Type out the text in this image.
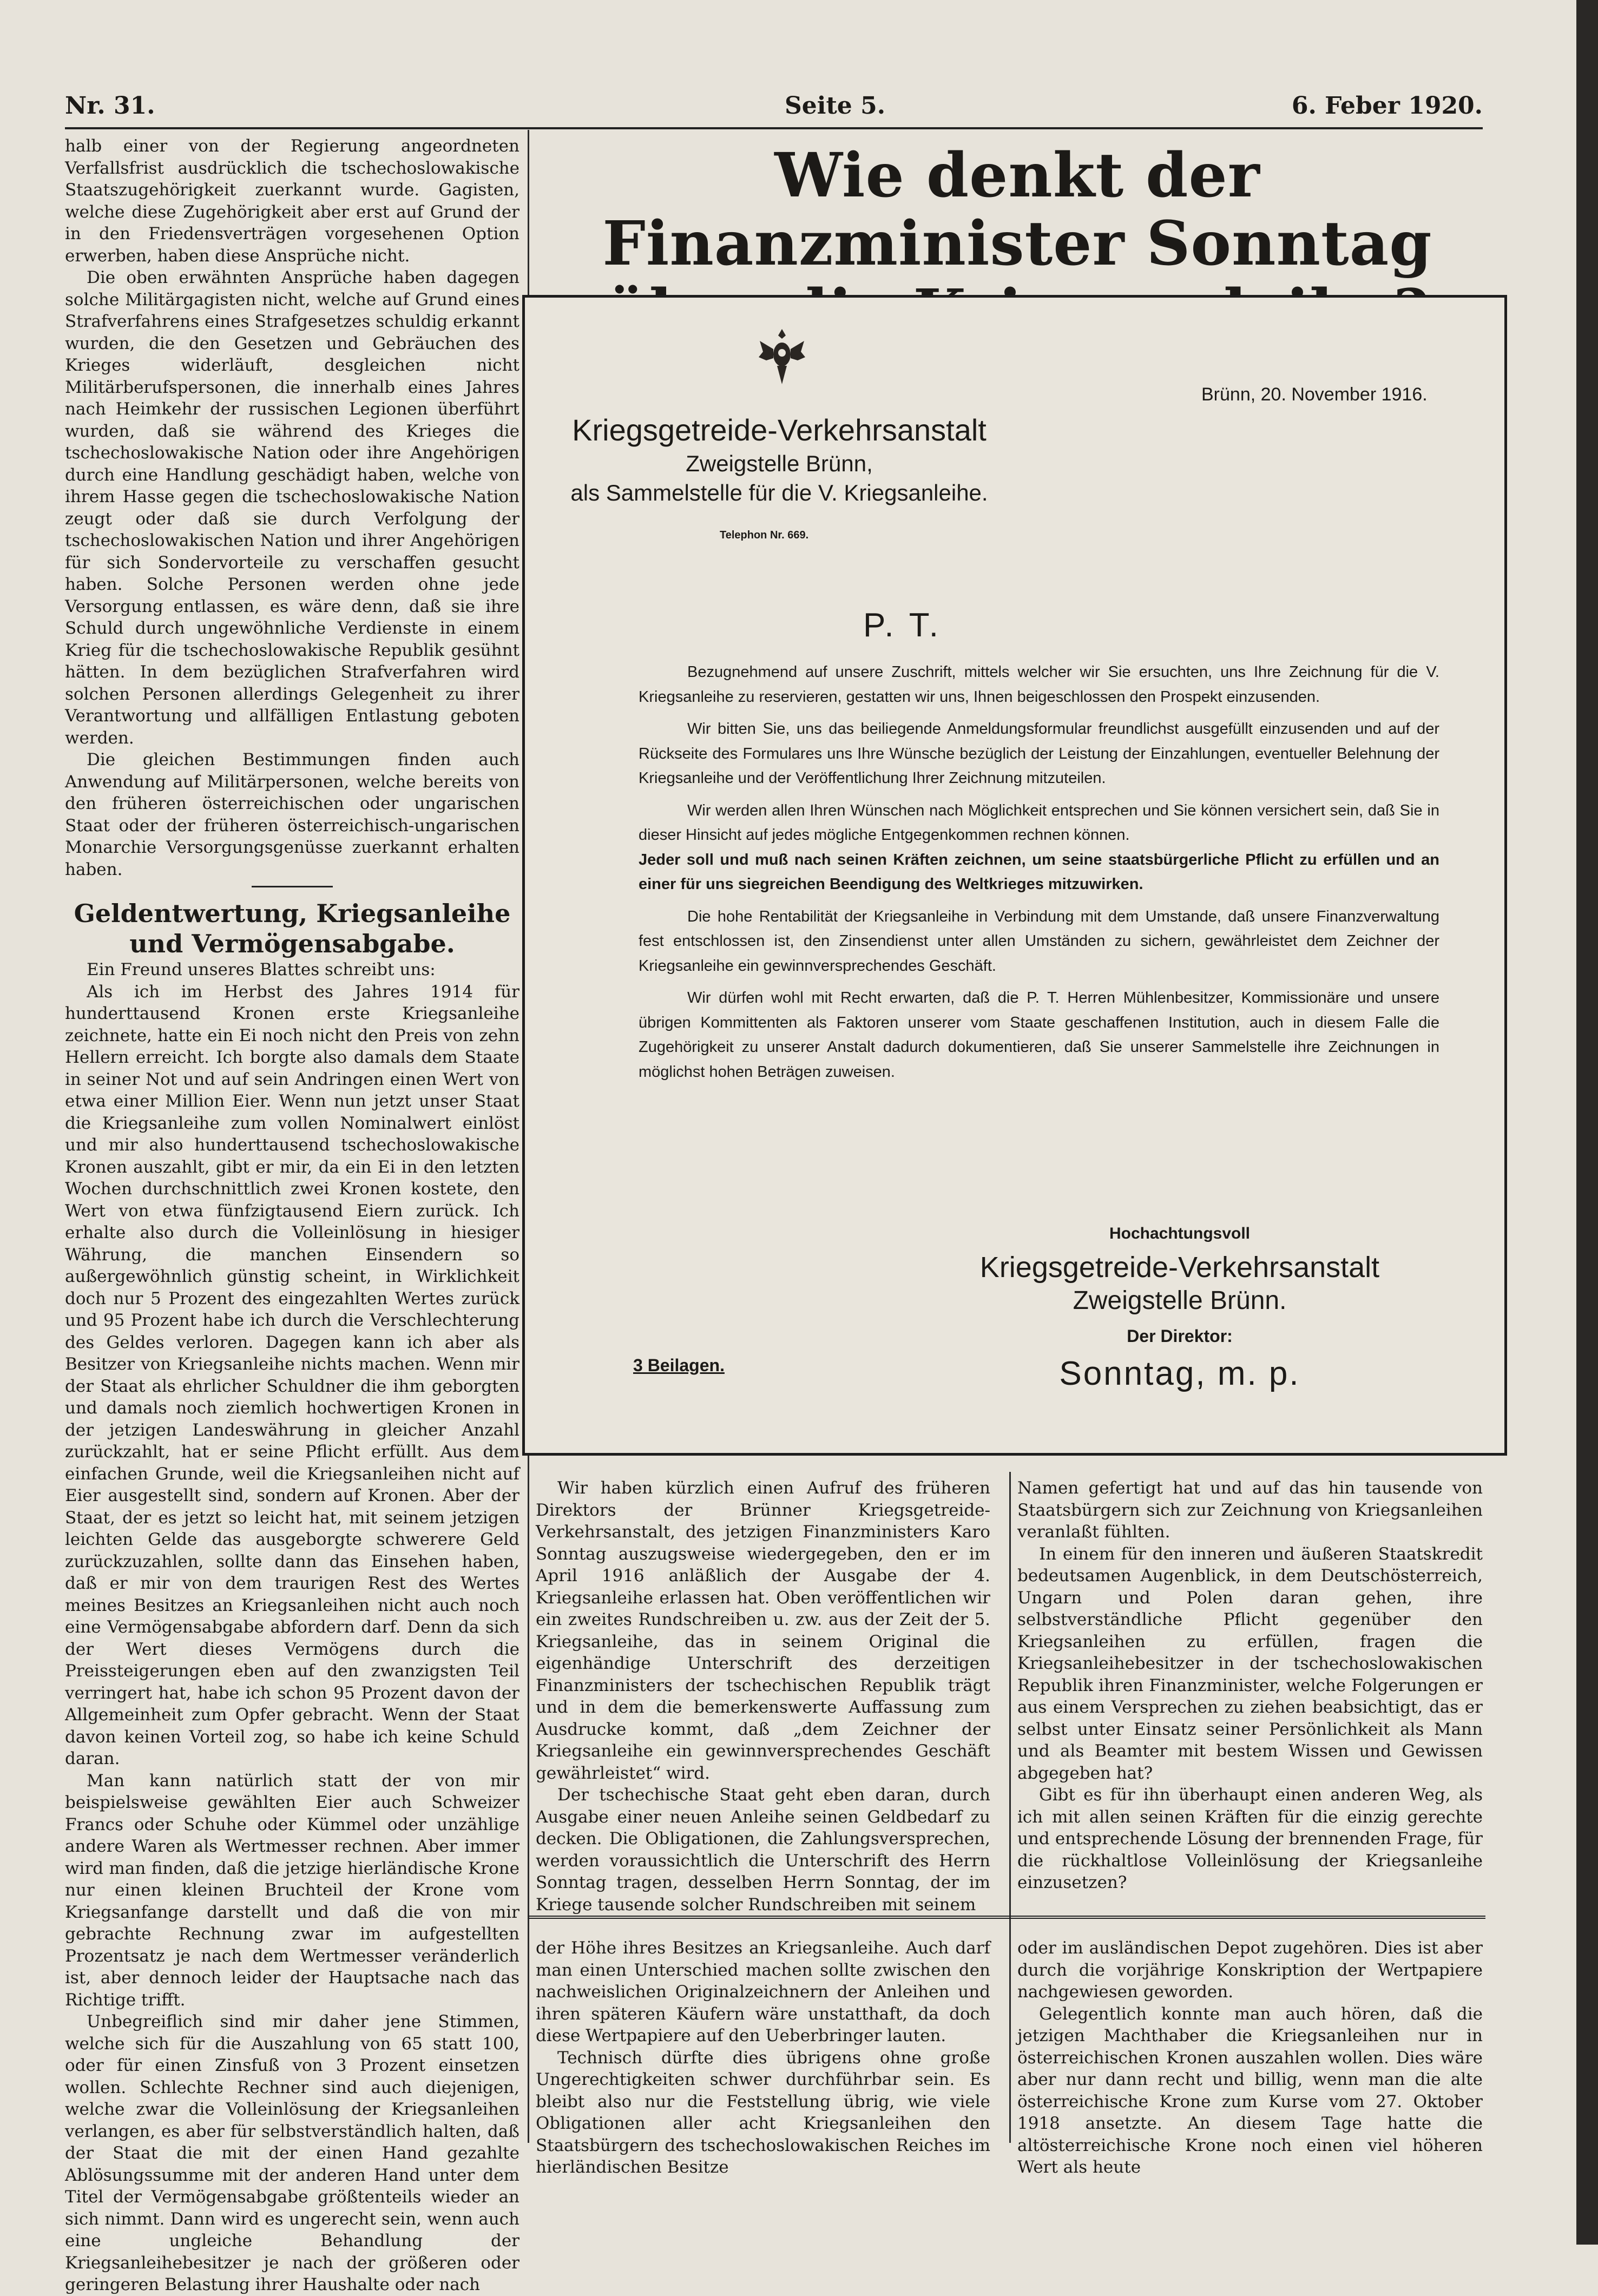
Nr. 31.	Seite 5.	6. Feber 1920.

halb einer von der Regierung angeordneten Verfallsfrist ausdrücklich die tschechoslowakische Staatszugehörigkeit zuerkannt wurde. Gagisten, welche diese Zugehörigkeit aber erst auf Grund der in den Friedensverträgen vorgesehenen Option erwerben, haben diese Ansprüche nicht.

Die oben erwähnten Ansprüche haben dagegen solche Militärgagisten nicht, welche auf Grund eines Strafverfahrens eines Strafgesetzes schuldig erkannt wurden, die den Gesetzen und Gebräuchen des Krieges widerläuft, desgleichen nicht Militärberufspersonen, die innerhalb eines Jahres nach Heimkehr der russischen Legionen überführt wurden, daß sie während des Krieges die tschechoslowakische Nation oder ihre Angehörigen durch eine Handlung geschädigt haben, welche von ihrem Hasse gegen die tschechoslowakische Nation zeugt oder daß sie durch Verfolgung der tschechoslowakischen Nation und ihrer Angehörigen für sich Sondervorteile zu verschaffen gesucht haben. Solche Personen werden ohne jede Versorgung entlassen, es wäre denn, daß sie ihre Schuld durch ungewöhnliche Verdienste in einem Krieg für die tschechoslowakische Republik gesühnt hätten. In dem bezüglichen Strafverfahren wird solchen Personen allerdings Gelegenheit zu ihrer Verantwortung und allfälligen Entlastung geboten werden.

Die gleichen Bestimmungen finden auch Anwendung auf Militärpersonen, welche bereits von den früheren österreichischen oder ungarischen Staat oder der früheren österreichisch-ungarischen Monarchie Versorgungsgenüsse zuerkannt erhalten haben.

Geldentwertung, Kriegsanleihe und Vermögensabgabe.

Ein Freund unseres Blattes schreibt uns:

Als ich im Herbst des Jahres 1914 für hunderttausend Kronen erste Kriegsanleihe zeichnete, hatte ein Ei noch nicht den Preis von zehn Hellern erreicht. Ich borgte also damals dem Staate in seiner Not und auf sein Andringen einen Wert von etwa einer Million Eier. Wenn nun jetzt unser Staat die Kriegsanleihe zum vollen Nominalwert einlöst und mir also hunderttausend tschechoslowakische Kronen auszahlt, gibt er mir, da ein Ei in den letzten Wochen durchschnittlich zwei Kronen kostete, den Wert von etwa fünfzigtausend Eiern zurück. Ich erhalte also durch die Volleinlösung in hiesiger Währung, die manchen Einsendern so außergewöhnlich günstig scheint, in Wirklichkeit doch nur 5 Prozent des eingezahlten Wertes zurück und 95 Prozent habe ich durch die Verschlechterung des Geldes verloren. Dagegen kann ich aber als Besitzer von Kriegsanleihe nichts machen. Wenn mir der Staat als ehrlicher Schuldner die ihm geborgten und damals noch ziemlich hochwertigen Kronen in der jetzigen Landeswährung in gleicher Anzahl zurückzahlt, hat er seine Pflicht erfüllt. Aus dem einfachen Grunde, weil die Kriegsanleihen nicht auf Eier ausgestellt sind, sondern auf Kronen. Aber der Staat, der es jetzt so leicht hat, mit seinem jetzigen leichten Gelde das ausgeborgte schwerere Geld zurückzuzahlen, sollte dann das Einsehen haben, daß er mir von dem traurigen Rest des Wertes meines Besitzes an Kriegsanleihen nicht auch noch eine Vermögensabgabe abfordern darf. Denn da sich der Wert dieses Vermögens durch die Preissteigerungen eben auf den zwanzigsten Teil verringert hat, habe ich schon 95 Prozent davon der Allgemeinheit zum Opfer gebracht. Wenn der Staat davon keinen Vorteil zog, so habe ich keine Schuld daran.

Man kann natürlich statt der von mir beispielsweise gewählten Eier auch Schweizer Francs oder Schuhe oder Kümmel oder unzählige andere Waren als Wertmesser rechnen. Aber immer wird man finden, daß die jetzige hierländische Krone nur einen kleinen Bruchteil der Krone vom Kriegsanfange darstellt und daß die von mir gebrachte Rechnung zwar im aufgestellten Prozentsatz je nach dem Wertmesser veränderlich ist, aber dennoch leider der Hauptsache nach das Richtige trifft.

Unbegreiflich sind mir daher jene Stimmen, welche sich für die Auszahlung von 65 statt 100, oder für einen Zinsfuß von 3 Prozent einsetzen wollen. Schlechte Rechner sind auch diejenigen, welche zwar die Volleinlösung der Kriegsanleihen verlangen, es aber für selbstverständlich halten, daß der Staat die mit der einen Hand gezahlte Ablösungssumme mit der anderen Hand unter dem Titel der Vermögensabgabe größtenteils wieder an sich nimmt. Dann wird es ungerecht sein, wenn auch eine ungleiche Behandlung der Kriegsanleihebesitzer je nach der größeren oder geringeren Belastung ihrer Haushalte oder nach

Wie denkt der Finanzminister Sonntag
Brünn, 20. November 1916.
Kriegsgetreide-Verkehrsanstalt
Zweigstelle Brünn,
als Sammelstelle für die V. Kriegsanleihe.
Telephon Nr. 669.
P. T.

Bezugnehmend auf unsere Zuschrift, mittels welcher wir Sie ersuchten, uns Ihre Zeichnung für die V. Kriegsanleihe zu reservieren, gestatten wir uns, Ihnen beigeschlossen den Prospekt einzusenden.

Wir bitten Sie, uns das beiliegende Anmeldungsformular freundlichst ausgefüllt einzusenden und auf der Rückseite des Formulares uns Ihre Wünsche bezüglich der Leistung der Einzahlungen, eventueller Belehnung der Kriegsanleihe und der Veröffentlichung Ihrer Zeichnung mitzuteilen.

Wir werden allen Ihren Wünschen nach Möglichkeit entsprechen und Sie können versichert sein, daß Sie in dieser Hinsicht auf jedes mögliche Entgegenkommen rechnen können.

Jeder soll und muß nach seinen Kräften zeichnen, um seine staatsbürgerliche Pflicht zu erfüllen und an einer für uns siegreichen Beendigung des Weltkrieges mitzuwirken.

Die hohe Rentabilität der Kriegsanleihe in Verbindung mit dem Umstande, daß unsere Finanzverwaltung fest entschlossen ist, den Zinsendienst unter allen Umständen zu sichern, gewährleistet dem Zeichner der Kriegsanleihe ein gewinnversprechendes Geschäft.

Wir dürfen wohl mit Recht erwarten, daß die P. T. Herren Mühlenbesitzer, Kommissionäre und unsere übrigen Kommittenten als Faktoren unserer vom Staate geschaffenen Institution, auch in diesem Falle die Zugehörigkeit zu unserer Anstalt dadurch dokumentieren, daß Sie unserer Sammelstelle ihre Zeichnungen in möglichst hohen Beträgen zuweisen.

Hochachtungsvoll
Kriegsgetreide-Verkehrsanstalt
Zweigstelle Brünn.
Der Direktor:
Sonntag, m. p.
3 Beilagen.

Wir haben kürzlich einen Aufruf des früheren Direktors der Brünner Kriegsgetreide-Verkehrsanstalt, des jetzigen Finanzministers Karo Sonntag auszugsweise wiedergegeben, den er im April 1916 anläßlich der Ausgabe der 4. Kriegsanleihe erlassen hat. Oben veröffentlichen wir ein zweites Rundschreiben u. zw. aus der Zeit der 5. Kriegsanleihe, das in seinem Original die eigenhändige Unterschrift des derzeitigen Finanzministers der tschechischen Republik trägt und in dem die bemerkenswerte Auffassung zum Ausdrucke kommt, daß „dem Zeichner der Kriegsanleihe ein gewinnversprechendes Geschäft gewährleistet“ wird.

Der tschechische Staat geht eben daran, durch Ausgabe einer neuen Anleihe seinen Geldbedarf zu decken. Die Obligationen, die Zahlungsversprechen, werden voraussichtlich die Unterschrift des Herrn Sonntag tragen, desselben Herrn Sonntag, der im Kriege tausende solcher Rundschreiben mit seinem

Namen gefertigt hat und auf das hin tausende von Staatsbürgern sich zur Zeichnung von Kriegsanleihen veranlaßt fühlten.

In einem für den inneren und äußeren Staatskredit bedeutsamen Augenblick, in dem Deutschösterreich, Ungarn und Polen daran gehen, ihre selbstverständliche Pflicht gegenüber den Kriegsanleihen zu erfüllen, fragen die Kriegsanleihebesitzer in der tschechoslowakischen Republik ihren Finanzminister, welche Folgerungen er aus einem Versprechen zu ziehen beabsichtigt, das er selbst unter Einsatz seiner Persönlichkeit als Mann und als Beamter mit bestem Wissen und Gewissen abgegeben hat?

Gibt es für ihn überhaupt einen anderen Weg, als ich mit allen seinen Kräften für die einzig gerechte und entsprechende Lösung der brennenden Frage, für die rückhaltlose Volleinlösung der Kriegsanleihe einzusetzen?

der Höhe ihres Besitzes an Kriegsanleihe. Auch darf man einen Unterschied machen sollte zwischen den nachweislichen Originalzeichnern der Anleihen und ihren späteren Käufern wäre unstatthaft, da doch diese Wertpapiere auf den Ueberbringer lauten.

Technisch dürfte dies übrigens ohne große Ungerechtigkeiten schwer durchführbar sein. Es bleibt also nur die Feststellung übrig, wie viele Obligationen aller acht Kriegsanleihen den Staatsbürgern des tschechoslowakischen Reiches im hierländischen Besitze

oder im ausländischen Depot zugehören. Dies ist aber durch die vorjährige Konskription der Wertpapiere nachgewiesen geworden.

Gelegentlich konnte man auch hören, daß die jetzigen Machthaber die Kriegsanleihen nur in österreichischen Kronen auszahlen wollen. Dies wäre aber nur dann recht und billig, wenn man die alte österreichische Krone zum Kurse vom 27. Oktober 1918 ansetzte. An diesem Tage hatte die altösterreichische Krone noch einen viel höheren Wert als heute
